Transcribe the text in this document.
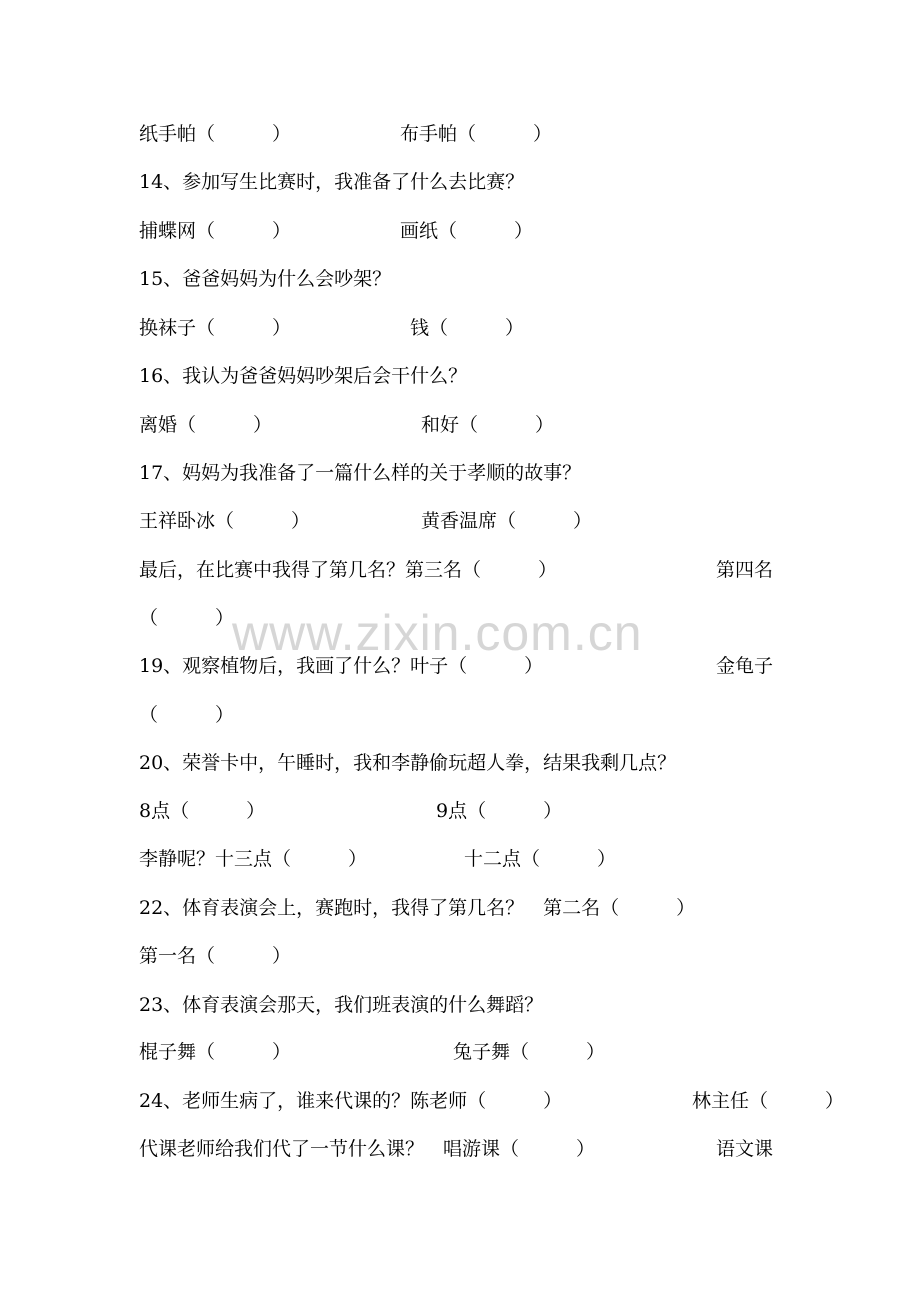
www.zixin.com.cn
纸手帕（　　　）	布手帕（　　　）
14、参加写生比赛时，我准备了什么去比赛？
捕蝶网（　　　）	画纸（　　　）
15、爸爸妈妈为什么会吵架？
换袜子（　　　）	钱（　　　）
16、我认为爸爸妈妈吵架后会干什么？
离婚（　　　）	和好（　　　）
17、妈妈为我准备了一篇什么样的关于孝顺的故事？
王祥卧冰（　　　）	黄香温席（　　　）
最后，在比赛中我得了第几名？第三名（　　　）	第四名
（　　　）
19、观察植物后，我画了什么？叶子（　　　）	金龟子
（　　　）
20、荣誉卡中，午睡时，我和李静偷玩超人拳，结果我剩几点？
8点（　　　）	9点（　　　）
李静呢？十三点（　　　）	十二点（　　　）
22、体育表演会上，赛跑时，我得了第几名？　第二名（　　　）
第一名（　　　）
23、体育表演会那天，我们班表演的什么舞蹈？
棍子舞（　　　）	兔子舞（　　　）
24、老师生病了，谁来代课的？陈老师（　　　）	林主任（　　　）
代课老师给我们代了一节什么课？　唱游课（　　　）	语文课
